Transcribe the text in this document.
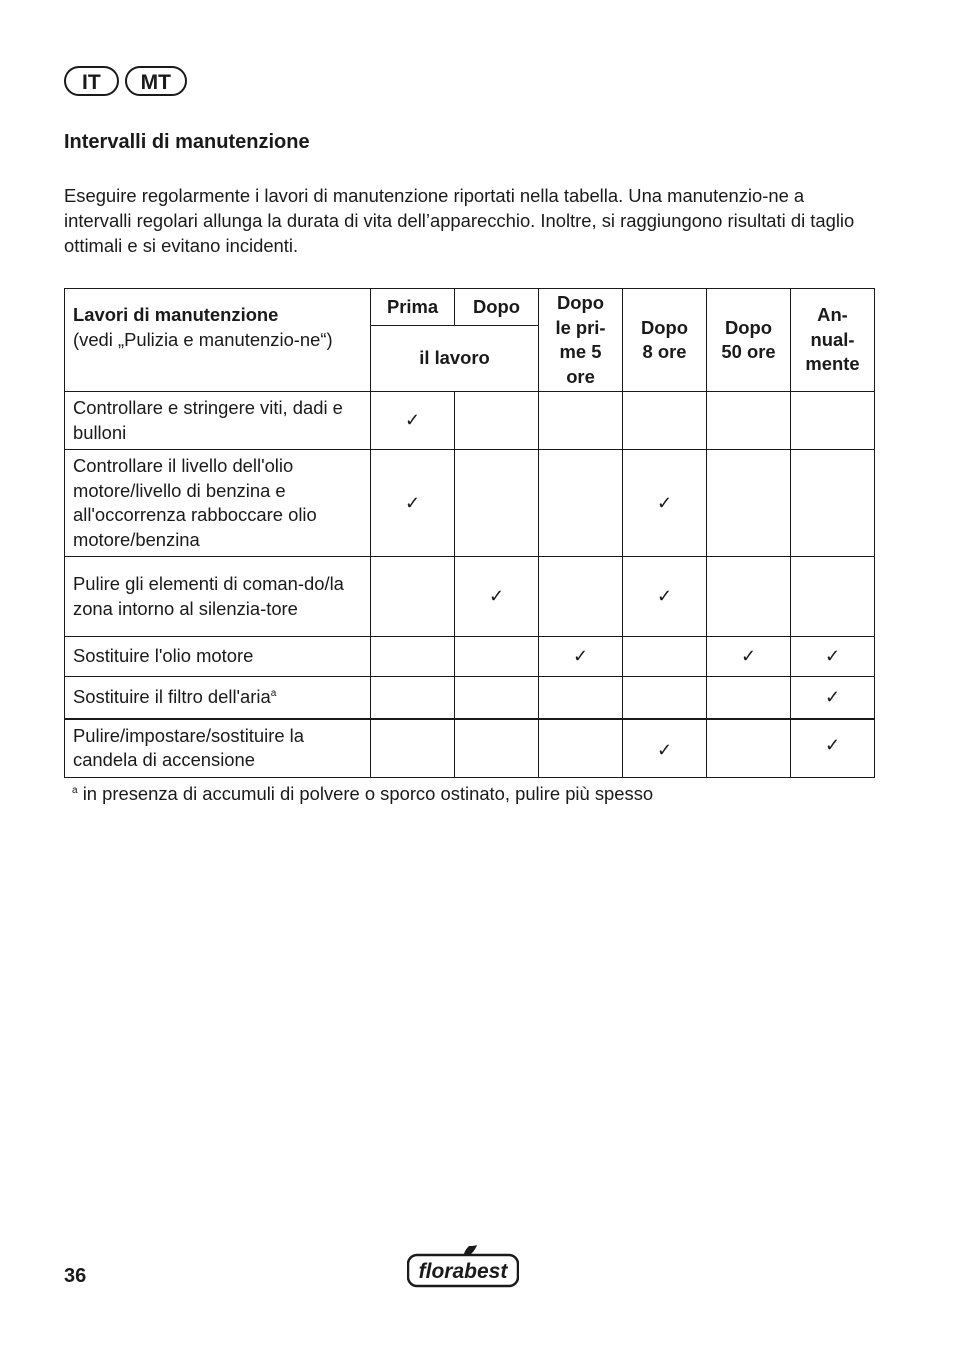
IT	MT
Intervalli di manutenzione

Eseguire regolarmente i lavori di manutenzione riportati nella tabella. Una manutenzio-ne a intervalli regolari allunga la durata di vita dell’apparecchio. Inoltre, si raggiungono risultati di taglio ottimali e si evitano incidenti.

Lavori di manutenzione
(vedi „Pulizia e manutenzio-ne“)	Prima	Dopo	Dopo le pri-me 5 ore	Dopo 8 ore	Dopo 50 ore	An-nual-mente

	il lavoro					
Controllare e stringere viti, dadi e bulloni	✓					
Controllare il livello dell'olio motore/livello di benzina e all'occorrenza rabboccare olio motore/benzina	✓			✓		
Pulire gli elementi di coman-do/la zona intorno al silenzia-tore		✓		✓		
Sostituire l'olio motore			✓		✓	✓
Sostituire il filtro dell'aria$^a$						✓
Pulire/impostare/sostituire la candela di accensione				✓		✓
$^a$ in presenza di accumuli di polvere o sporco ostinato, pulire più spesso
36	florabest
